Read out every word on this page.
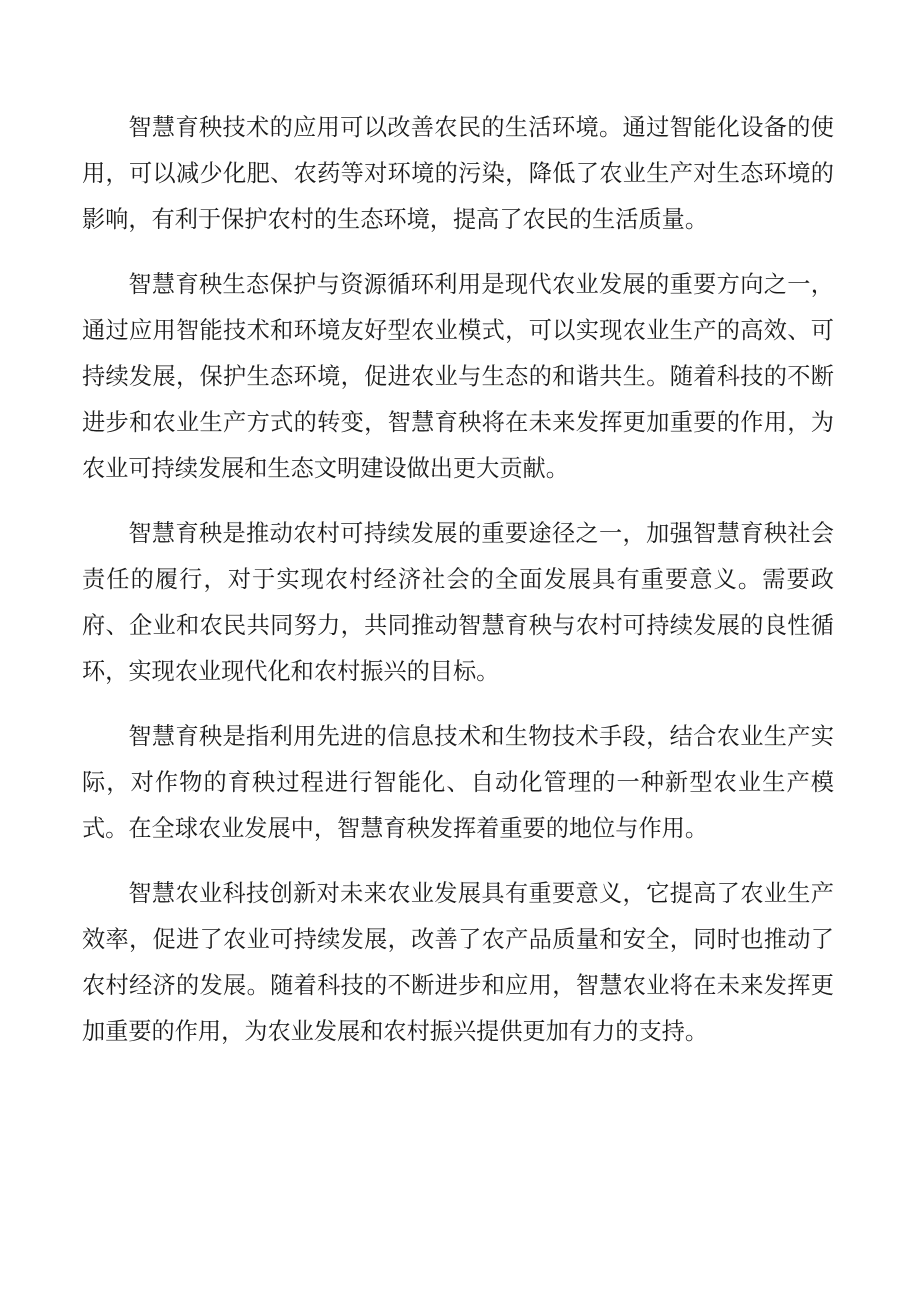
智慧育秧技术的应用可以改善农民的生活环境。通过智能化设备的使用，可以减少化肥、农药等对环境的污染，降低了农业生产对生态环境的影响，有利于保护农村的生态环境，提高了农民的生活质量。

智慧育秧生态保护与资源循环利用是现代农业发展的重要方向之一，通过应用智能技术和环境友好型农业模式，可以实现农业生产的高效、可持续发展，保护生态环境，促进农业与生态的和谐共生。随着科技的不断进步和农业生产方式的转变，智慧育秧将在未来发挥更加重要的作用，为农业可持续发展和生态文明建设做出更大贡献。

智慧育秧是推动农村可持续发展的重要途径之一，加强智慧育秧社会责任的履行，对于实现农村经济社会的全面发展具有重要意义。需要政府、企业和农民共同努力，共同推动智慧育秧与农村可持续发展的良性循环，实现农业现代化和农村振兴的目标。

智慧育秧是指利用先进的信息技术和生物技术手段，结合农业生产实际，对作物的育秧过程进行智能化、自动化管理的一种新型农业生产模式。在全球农业发展中，智慧育秧发挥着重要的地位与作用。

智慧农业科技创新对未来农业发展具有重要意义，它提高了农业生产效率，促进了农业可持续发展，改善了农产品质量和安全，同时也推动了农村经济的发展。随着科技的不断进步和应用，智慧农业将在未来发挥更加重要的作用，为农业发展和农村振兴提供更加有力的支持。
